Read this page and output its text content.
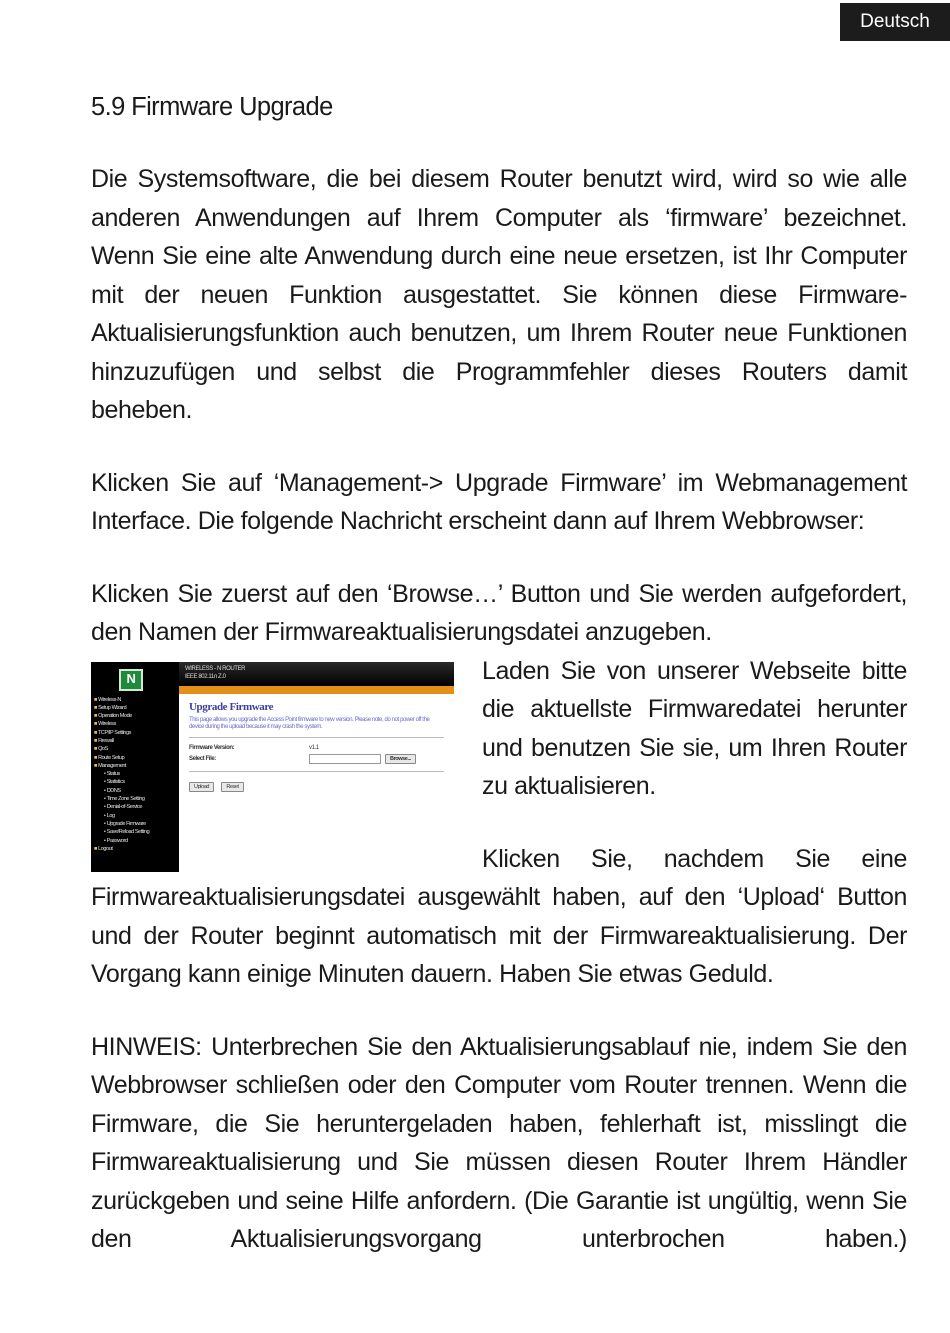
Deutsch
5.9 Firmware Upgrade

Die Systemsoftware, die bei diesem Router benutzt wird, wird so wie alle anderen Anwendungen auf Ihrem Computer als ‘firmware’ bezeichnet. Wenn Sie eine alte Anwendung durch eine neue ersetzen, ist Ihr Computer mit der neuen Funktion ausgestattet. Sie können diese Firmware-Aktualisierungsfunktion auch benutzen, um Ihrem Router neue Funktionen hinzuzufügen und selbst die Programmfehler dieses Routers damit beheben.

Klicken Sie auf ‘Management-> Upgrade Firmware’ im Webmanagement Interface. Die folgende Nachricht erscheint dann auf Ihrem Webbrowser:

Klicken Sie zuerst auf den ‘Browse…’ Button und Sie werden aufgefordert, den Namen der Firmwareaktualisierungsdatei anzugeben.

N
WIRELESS - N ROUTER
IEEE 802.11n Z.0
■ Wireless-N
■ Setup Wizard
■ Operation Mode
■ Wireless
■ TCP/IP Settings
■ Firewall
■ QoS
■ Route Setup
■ Management
▪ Status
▪ Statistics
▪ DDNS
▪ Time Zone Setting
▪ Denial-of-Service
▪ Log
▪ Upgrade Firmware
▪ Save/Reload Setting
▪ Password
■ Logout
Upgrade Firmware
This page allows you upgrade the Access Point firmware to new version. Please note, do not power off the device during the upload because it may crash the system.
Firmware Version:	v1.1
Select File:	Browse...
Upload	Reset

Laden Sie von unserer Webseite bitte die aktuellste Firmwaredatei herunter und benutzen Sie sie, um Ihren Router zu aktualisieren.

Klicken Sie, nachdem Sie eine Firmwareaktualisierungsdatei ausgewählt haben, auf den ‘Upload‘ Button und der Router beginnt automatisch mit der Firmwareaktualisierung. Der Vorgang kann einige Minuten dauern. Haben Sie etwas Geduld.

HINWEIS: Unterbrechen Sie den Aktualisierungsablauf nie, indem Sie den Webbrowser schließen oder den Computer vom Router trennen. Wenn die Firmware, die Sie heruntergeladen haben, fehlerhaft ist, misslingt die Firmwareaktualisierung und Sie müssen diesen Router Ihrem Händler zurückgeben und seine Hilfe anfordern. (Die Garantie ist ungültig, wenn Sie den Aktualisierungsvorgang unterbrochen haben.)
